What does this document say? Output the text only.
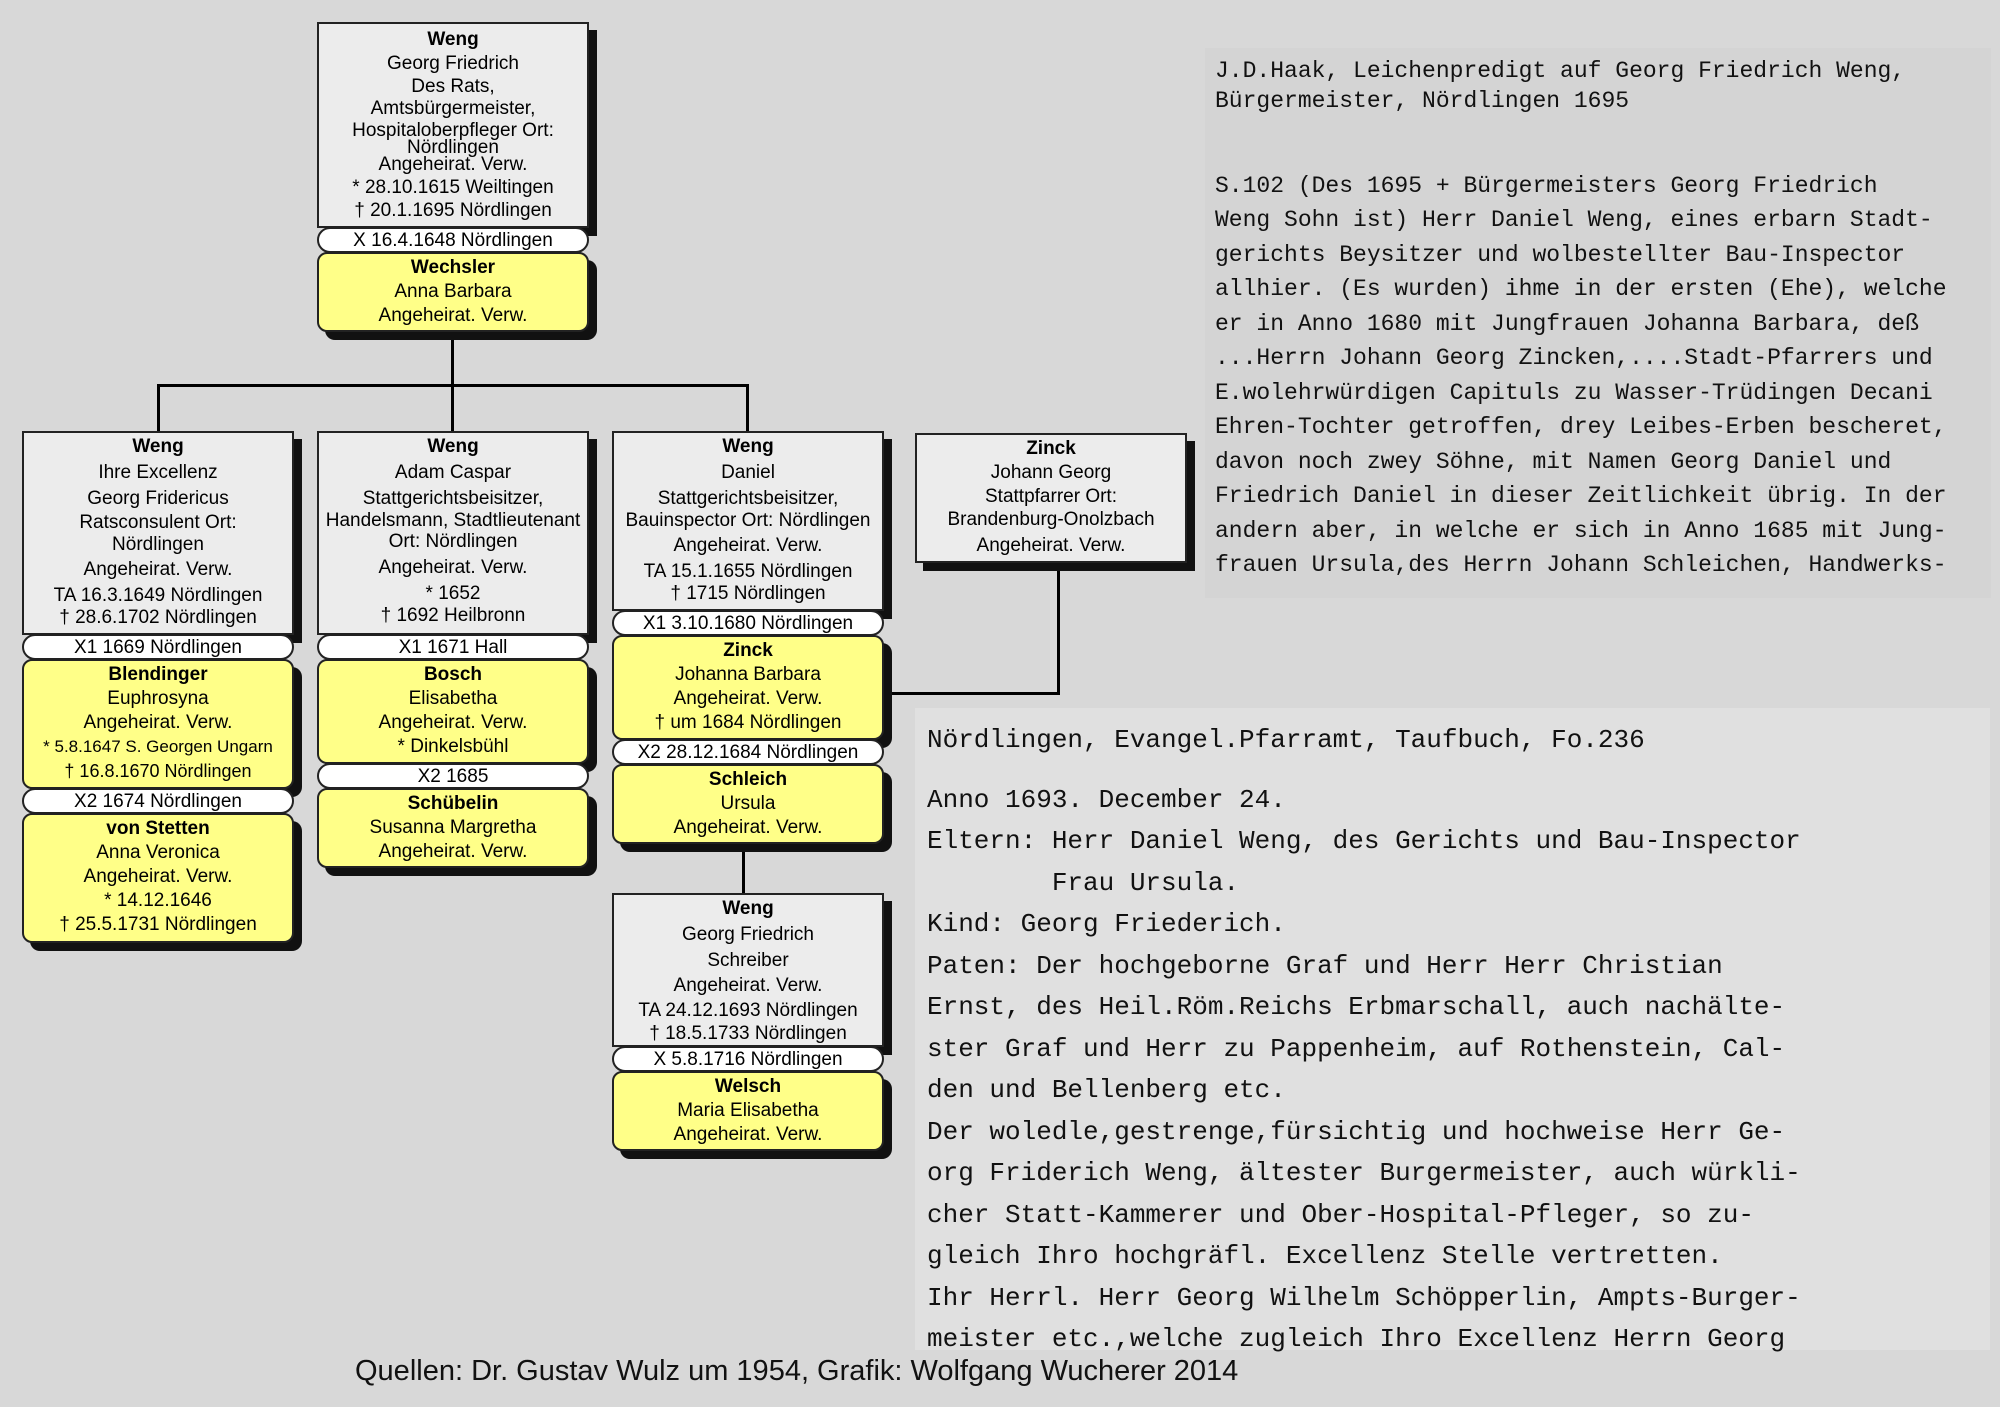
Weng
Georg Friedrich
Des Rats,
Amtsbürgermeister,
Hospitaloberpfleger Ort:
Nördlingen
Angeheirat. Verw.
* 28.10.1615 Weiltingen
† 20.1.1695 Nördlingen
X 16.4.1648 Nördlingen
Wechsler
Anna Barbara
Angeheirat. Verw.
Weng
Ihre Excellenz
Georg Fridericus
Ratsconsulent Ort:
Nördlingen
Angeheirat. Verw.
TA 16.3.1649 Nördlingen
† 28.6.1702 Nördlingen
X1 1669 Nördlingen
Blendinger
Euphrosyna
Angeheirat. Verw.
* 5.8.1647 S. Georgen Ungarn
† 16.8.1670 Nördlingen
X2 1674 Nördlingen
von Stetten
Anna Veronica
Angeheirat. Verw.
* 14.12.1646
† 25.5.1731 Nördlingen
Weng
Adam Caspar
Stattgerichtsbeisitzer,
Handelsmann, Stadtlieutenant
Ort: Nördlingen
Angeheirat. Verw.
* 1652
† 1692 Heilbronn
X1 1671 Hall
Bosch
Elisabetha
Angeheirat. Verw.
* Dinkelsbühl
X2 1685
Schübelin
Susanna Margretha
Angeheirat. Verw.
Weng
Daniel
Stattgerichtsbeisitzer,
Bauinspector Ort: Nördlingen
Angeheirat. Verw.
TA 15.1.1655 Nördlingen
† 1715 Nördlingen
X1 3.10.1680 Nördlingen
Zinck
Johanna Barbara
Angeheirat. Verw.
† um 1684 Nördlingen
X2 28.12.1684 Nördlingen
Schleich
Ursula
Angeheirat. Verw.
Zinck
Johann Georg
Stattpfarrer Ort:
Brandenburg-Onolzbach
Angeheirat. Verw.
Weng
Georg Friedrich
Schreiber
Angeheirat. Verw.
TA 24.12.1693 Nördlingen
† 18.5.1733 Nördlingen
X 5.8.1716 Nördlingen
Welsch
Maria Elisabetha
Angeheirat. Verw.
J.D.Haak, Leichenpredigt auf Georg Friedrich Weng,
Bürgermeister, Nördlingen 1695

S.102 (Des 1695 + Bürgermeisters Georg Friedrich
Weng Sohn ist) Herr Daniel Weng, eines erbarn Stadt-
gerichts Beysitzer und wolbestellter Bau-Inspector
allhier. (Es wurden) ihme in der ersten (Ehe), welche
er in Anno 1680 mit Jungfrauen Johanna Barbara, deß
...Herrn Johann Georg Zincken,....Stadt-Pfarrers und
E.wolehrwürdigen Capituls zu Wasser-Trüdingen Decani
Ehren-Tochter getroffen, drey Leibes-Erben bescheret,
davon noch zwey Söhne, mit Namen Georg Daniel und
Friedrich Daniel in dieser Zeitlichkeit übrig. In der
andern aber, in welche er sich in Anno 1685 mit Jung-
frauen Ursula,des Herrn Johann Schleichen, Handwerks-
Nördlingen, Evangel.Pfarramt, Taufbuch, Fo.236
Anno 1693. December 24.
Eltern: Herr Daniel Weng, des Gerichts und Bau-Inspector
Frau Ursula.
Kind: Georg Friederich.
Paten: Der hochgeborne Graf und Herr Herr Christian
Ernst, des Heil.Röm.Reichs Erbmarschall, auch nachälte-
ster Graf und Herr zu Pappenheim, auf Rothenstein, Cal-
den und Bellenberg etc.
Der woledle,gestrenge,fürsichtig und hochweise Herr Ge-
org Friderich Weng, ältester Burgermeister, auch würkli-
cher Statt-Kammerer und Ober-Hospital-Pfleger, so zu-
gleich Ihro hochgräfl. Excellenz Stelle vertretten.
Ihr Herrl. Herr Georg Wilhelm Schöpperlin, Ampts-Burger-
meister etc.,welche zugleich Ihro Excellenz Herrn Georg
Quellen: Dr. Gustav Wulz um 1954, Grafik: Wolfgang Wucherer 2014
